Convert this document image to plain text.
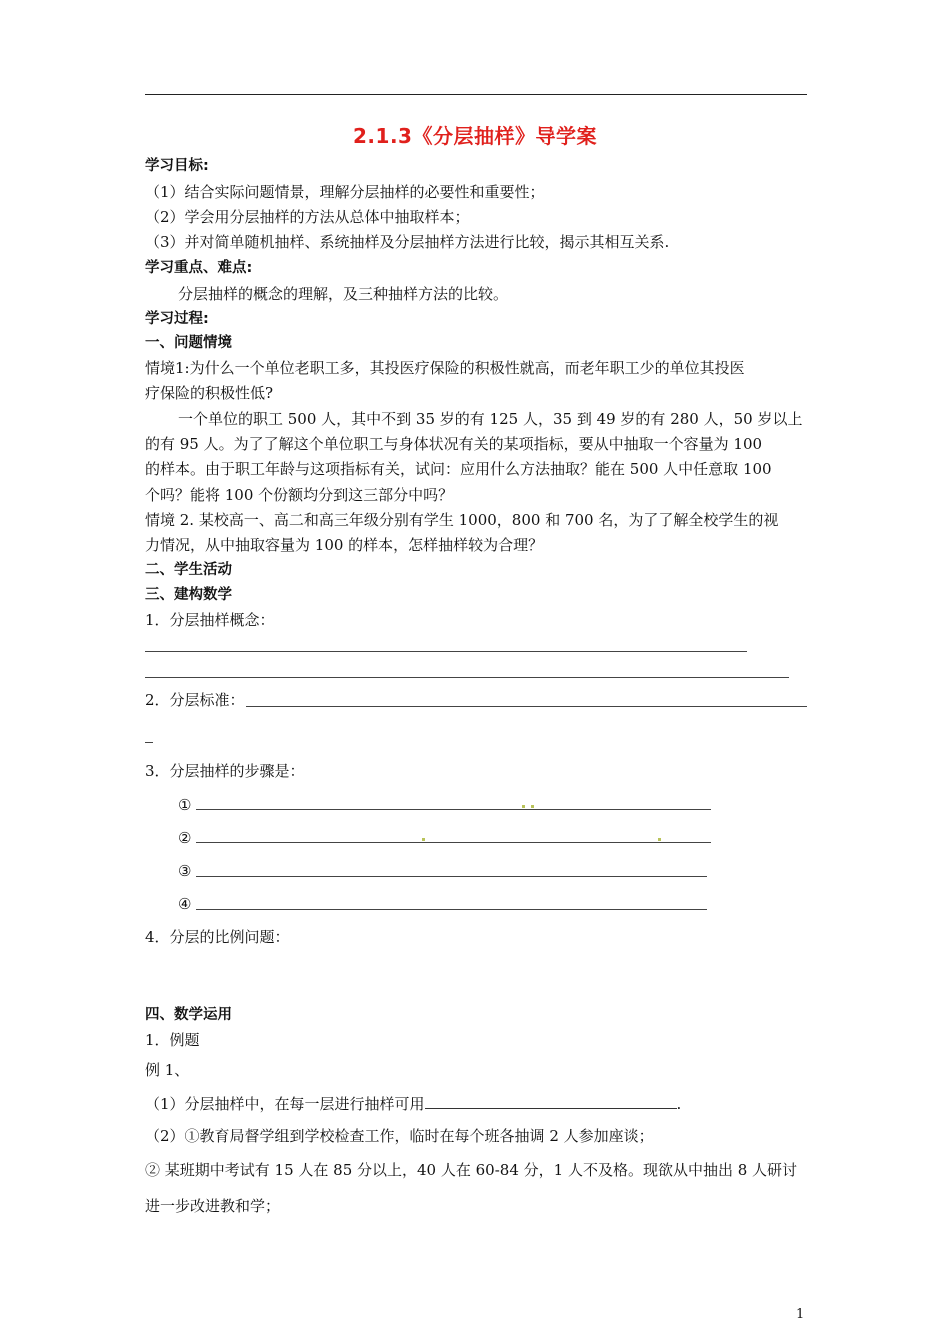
2.1.3《分层抽样》导学案
学习目标:
（1）结合实际问题情景，理解分层抽样的必要性和重要性；
（2）学会用分层抽样的方法从总体中抽取样本；
（3）并对简单随机抽样、系统抽样及分层抽样方法进行比较，揭示其相互关系.
学习重点、难点:
分层抽样的概念的理解，及三种抽样方法的比较。
学习过程:
一、问题情境
情境1:为什么一个单位老职工多，其投医疗保险的积极性就高，而老年职工少的单位其投医
疗保险的积极性低?
一个单位的职工 500 人，其中不到 35 岁的有 125 人，35 到 49 岁的有 280 人，50 岁以上
的有 95 人。为了了解这个单位职工与身体状况有关的某项指标，要从中抽取一个容量为 100
的样本。由于职工年龄与这项指标有关，试问：应用什么方法抽取？能在 500 人中任意取 100
个吗？能将 100 个份额均分到这三部分中吗？
情境 2. 某校高一、高二和高三年级分别有学生 1000，800 和 700 名，为了了解全校学生的视
力情况，从中抽取容量为 100 的样本，怎样抽样较为合理？
二、学生活动
三、建构数学
1．分层抽样概念：
2．分层标准：
3．分层抽样的步骤是：
①
②
③
④
4．分层的比例问题：
四、数学运用
1．例题
例 1、
（1）分层抽样中，在每一层进行抽样可用	.
（2）①教育局督学组到学校检查工作，临时在每个班各抽调 2 人参加座谈；
② 某班期中考试有 15 人在 85 分以上，40 人在 60-84 分，1 人不及格。现欲从中抽出 8 人研讨
进一步改进教和学；
1
